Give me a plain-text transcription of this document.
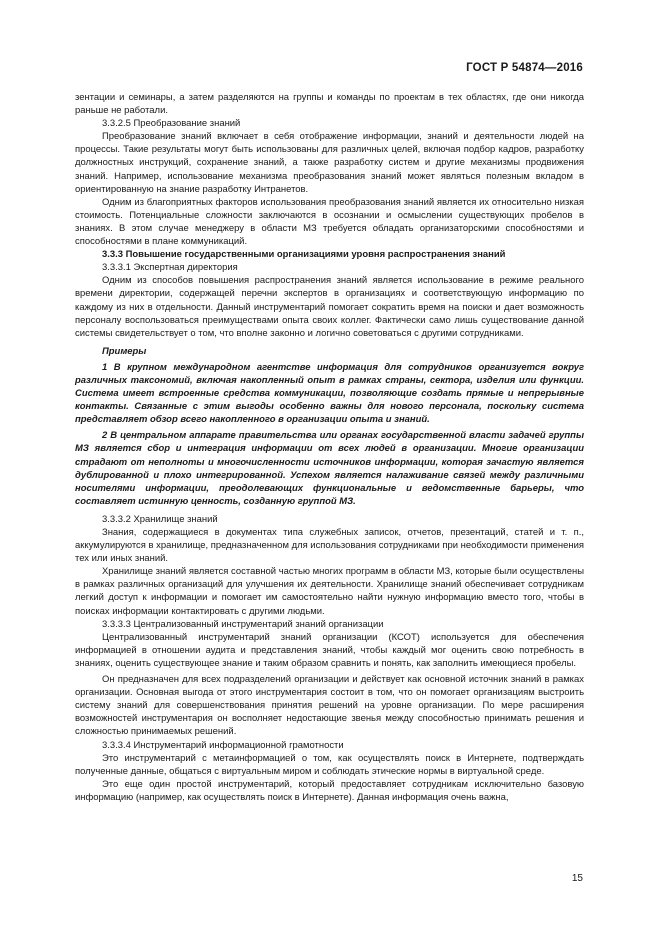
ГОСТ Р 54874—2016

зентации и семинары, а затем разделяются на группы и команды по проектам в тех областях, где они никогда раньше не работали.

3.3.2.5 Преобразование знаний

Преобразование знаний включает в себя отображение информации, знаний и деятельности людей на процессы. Такие результаты могут быть использованы для различных целей, включая подбор кадров, разработку должностных инструкций, сохранение знаний, а также разработку систем и другие механизмы продвижения знаний. Например, использование механизма преобразования знаний может являться полезным вкладом в ориентированную на знание разработку Интранетов.

Одним из благоприятных факторов использования преобразования знаний является их относительно низкая стоимость. Потенциальные сложности заключаются в осознании и осмыслении существующих пробелов в знаниях. В этом случае менеджеру в области МЗ требуется обладать организаторскими способностями и способностями в плане коммуникаций.

3.3.3 Повышение государственными организациями уровня распространения знаний

3.3.3.1 Экспертная директория

Одним из способов повышения распространения знаний является использование в режиме реального времени директории, содержащей перечни экспертов в организациях и соответствующую информацию по каждому из них в отдельности. Данный инструментарий помогает сократить время на поиски и дает возможность персоналу воспользоваться преимуществами опыта своих коллег. Фактически само лишь существование данной системы свидетельствует о том, что вполне законно и логично советоваться с другими сотрудниками.

Примеры

1 В крупном международном агентстве информация для сотрудников организуется вокруг различных таксономий, включая накопленный опыт в рамках страны, сектора, изделия или функции. Система имеет встроенные средства коммуникации, позволяющие создать прямые и непрерывные контакты. Связанные с этим выгоды особенно важны для нового персонала, поскольку система представляет обзор всего накопленного в организации опыта и знаний.

2 В центральном аппарате правительства или органах государственной власти задачей группы МЗ является сбор и интеграция информации от всех людей в организации. Многие организации страдают от неполноты и многочисленности источников информации, которая зачастую является дублированной и плохо интегрированной. Успехом является налаживание связей между различными носителями информации, преодолевающих функциональные и ведомственные барьеры, что составляет истинную ценность, созданную группой МЗ.

3.3.3.2 Хранилище знаний

Знания, содержащиеся в документах типа служебных записок, отчетов, презентаций, статей и т. п., аккумулируются в хранилище, предназначенном для использования сотрудниками при необходимости применения тех или иных знаний.

Хранилище знаний является составной частью многих программ в области МЗ, которые были осуществлены в рамках различных организаций для улучшения их деятельности. Хранилище знаний обеспечивает сотрудникам легкий доступ к информации и помогает им самостоятельно найти нужную информацию вместо того, чтобы в поисках информации контактировать с другими людьми.

3.3.3.3 Централизованный инструментарий знаний организации

Централизованный инструментарий знаний организации (КСОТ) используется для обеспечения информацией в отношении аудита и представления знаний, чтобы каждый мог оценить свою потребность в знаниях, оценить существующее знание и таким образом сравнить и понять, как заполнить имеющиеся пробелы.

Он предназначен для всех подразделений организации и действует как основной источник знаний в рамках организации. Основная выгода от этого инструментария состоит в том, что он помогает организациям выстроить систему знаний для совершенствования принятия решений на уровне организации. По мере расширения возможностей инструментария он восполняет недостающие звенья между способностью принимать решения и сложностью принимаемых решений.

3.3.3.4 Инструментарий информационной грамотности

Это инструментарий с метаинформацией о том, как осуществлять поиск в Интернете, подтверждать полученные данные, общаться с виртуальным миром и соблюдать этические нормы в виртуальной среде.

Это еще один простой инструментарий, который предоставляет сотрудникам исключительно базовую информацию (например, как осуществлять поиск в Интернете). Данная информация очень важна,

15
